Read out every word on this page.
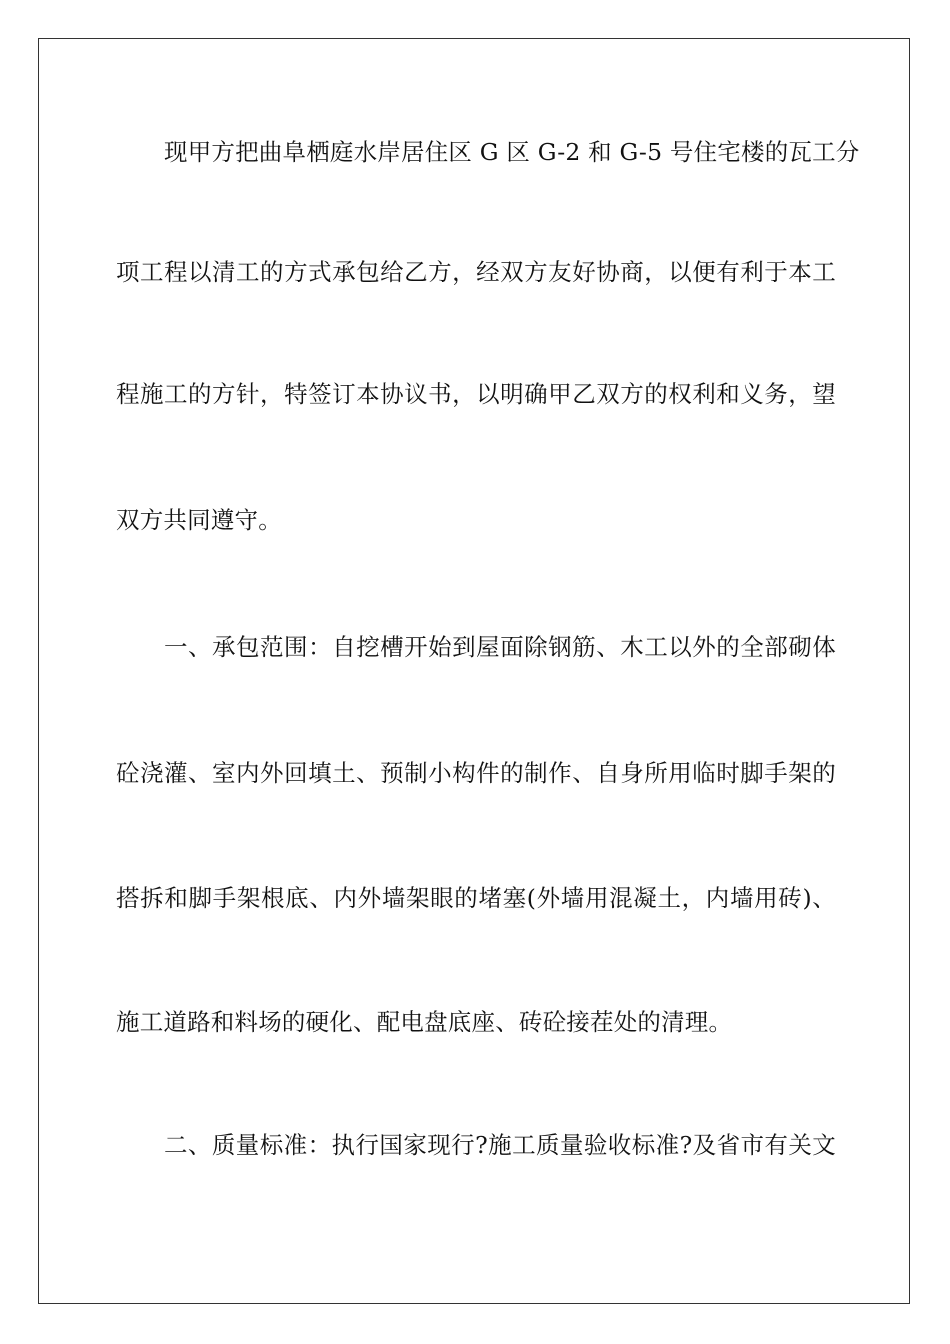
现甲方把曲阜栖庭水岸居住区 G 区 G-2 和 G-5 号住宅楼的瓦工分
项工程以清工的方式承包给乙方，经双方友好协商，以便有利于本工
程施工的方针，特签订本协议书，以明确甲乙双方的权利和义务，望
双方共同遵守。
一、承包范围：自挖槽开始到屋面除钢筋、木工以外的全部砌体
砼浇灌、室内外回填土、预制小构件的制作、自身所用临时脚手架的
搭拆和脚手架根底、内外墙架眼的堵塞(外墙用混凝土，内墙用砖)、
施工道路和料场的硬化、配电盘底座、砖砼接茬处的清理。
二、质量标准：执行国家现行?施工质量验收标准?及省市有关文
